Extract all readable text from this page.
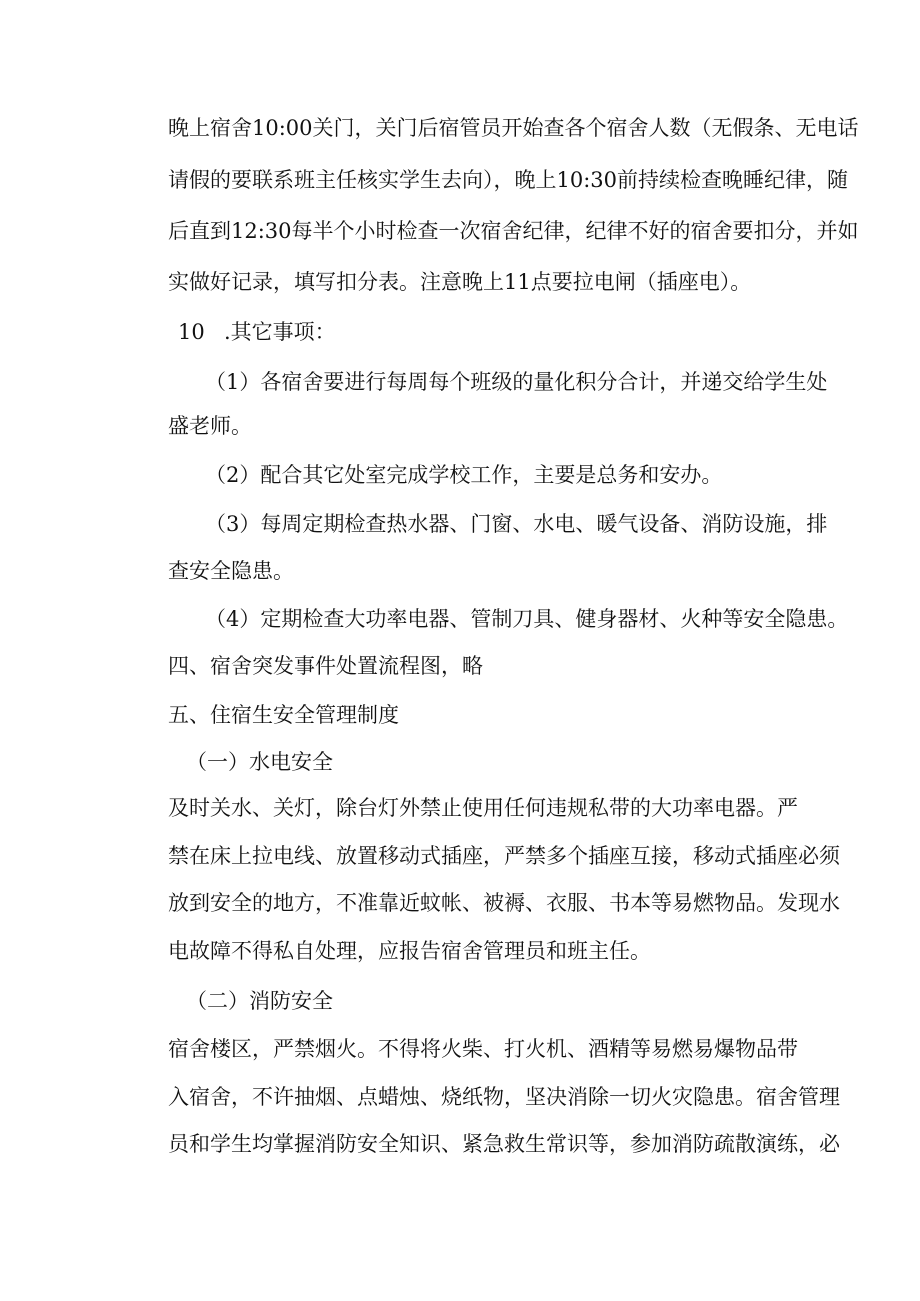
晚上宿舍10:00关门，关门后宿管员开始查各个宿舍人数（无假条、无电话
请假的要联系班主任核实学生去向），晚上10:30前持续检查晚睡纪律，随
后直到12:30每半个小时检查一次宿舍纪律，纪律不好的宿舍要扣分，并如
实做好记录，填写扣分表。注意晚上11点要拉电闸（插座电）。
10 .其它事项：
（1）各宿舍要进行每周每个班级的量化积分合计，并递交给学生处
盛老师。
（2）配合其它处室完成学校工作，主要是总务和安办。
（3）每周定期检查热水器、门窗、水电、暖气设备、消防设施，排
查安全隐患。
（4）定期检查大功率电器、管制刀具、健身器材、火种等安全隐患。
四、宿舍突发事件处置流程图，略
五、住宿生安全管理制度
（一）水电安全
及时关水、关灯，除台灯外禁止使用任何违规私带的大功率电器。严
禁在床上拉电线、放置移动式插座，严禁多个插座互接，移动式插座必须
放到安全的地方，不准靠近蚊帐、被褥、衣服、书本等易燃物品。发现水
电故障不得私自处理，应报告宿舍管理员和班主任。
（二）消防安全
宿舍楼区，严禁烟火。不得将火柴、打火机、酒精等易燃易爆物品带
入宿舍，不许抽烟、点蜡烛、烧纸物，坚决消除一切火灾隐患。宿舍管理
员和学生均掌握消防安全知识、紧急救生常识等，参加消防疏散演练，必
